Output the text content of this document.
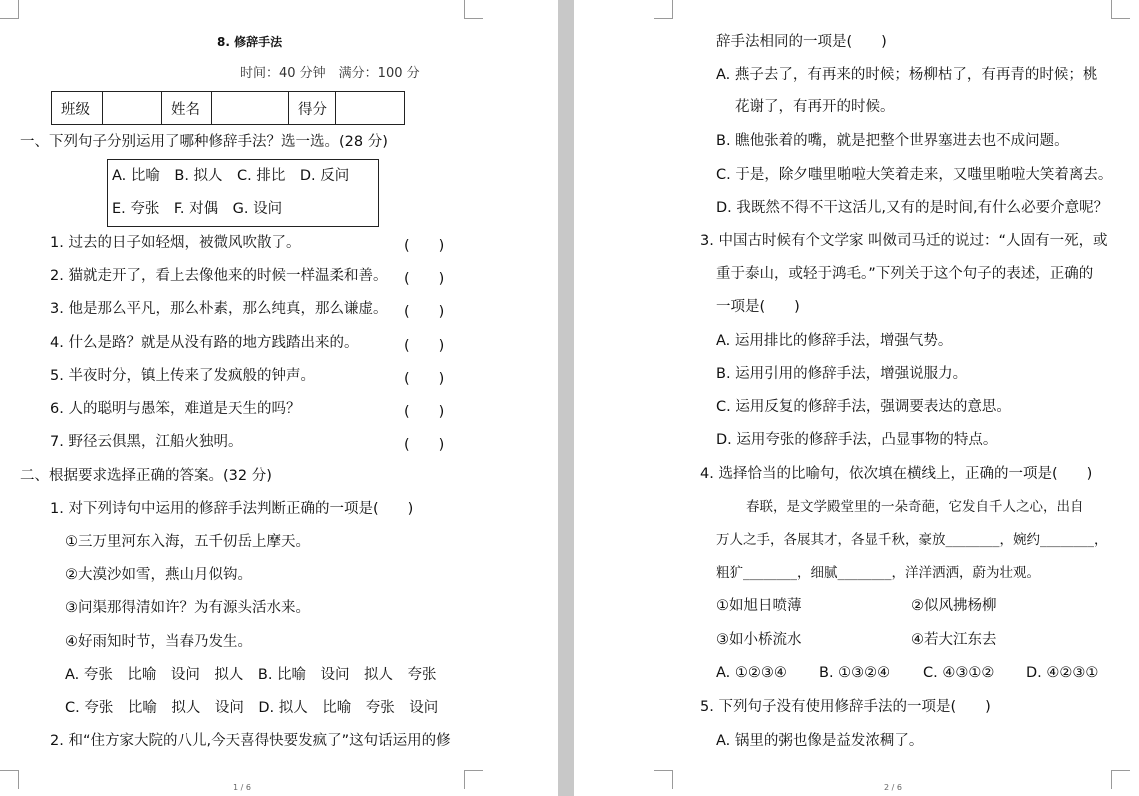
8. 修辞手法
时间：40 分钟　满分：100 分
班级		姓名		得分	
一、下列句子分别运用了哪种修辞手法？选一选。(28 分)
A. 比喻　B. 拟人　C. 排比　D. 反问
E. 夸张　F. 对偶　G. 设问
1. 过去的日子如轻烟，被微风吹散了。	(　　)
2. 猫就走开了，看上去像他来的时候一样温柔和善。 (　　)
3. 他是那么平凡，那么朴素，那么纯真，那么谦虚。 (　　)
4. 什么是路？就是从没有路的地方践踏出来的。	(　　)
5. 半夜时分，镇上传来了发疯般的钟声。	(　　)
6. 人的聪明与愚笨，难道是天生的吗？	(　　)
7. 野径云俱黑，江船火独明。	(　　)
二、根据要求选择正确的答案。(32 分)
1. 对下列诗句中运用的修辞手法判断正确的一项是(　　)
①三万里河东入海，五千仞岳上摩天。
②大漠沙如雪，燕山月似钩。
③问渠那得清如许？为有源头活水来。
④好雨知时节，当春乃发生。
A. 夸张　比喻　设问　拟人　B. 比喻　设问　拟人　夸张
C. 夸张　比喻　拟人　设问　D. 拟人　比喻　夸张　设问
2. 和“住方家大院的八儿,今天喜得快要发疯了”这句话运用的修
1 / 6
辞手法相同的一项是(　　)
A. 燕子去了，有再来的时候；杨柳枯了，有再青的时候；桃
花谢了，有再开的时候。
B. 瞧他张着的嘴，就是把整个世界塞进去也不成问题。
C. 于是，除夕嗤里啪啦大笑着走来，又嗤里啪啦大笑着离去。
D. 我既然不得不干这活儿,又有的是时间,有什么必要介意呢？
3. 中国古时候有个文学家 叫傚司马迁的说过：“人固有一死，或
重于泰山，或轻于鸿毛。”下列关于这个句子的表述，正确的
一项是(　　)
A. 运用排比的修辞手法，增强气势。
B. 运用引用的修辞手法，增强说服力。
C. 运用反复的修辞手法，强调要表达的意思。
D. 运用夸张的修辞手法，凸显事物的特点。
4. 选择恰当的比喻句，依次填在横线上，正确的一项是(　　)
春联，是文学殿堂里的一朵奇葩，它发自千人之心，出自
万人之手，各展其才，各显千秋，豪放________，婉约________，
粗犷________，细腻________，洋洋洒洒，蔚为壮观。
①如旭日喷薄	②似风拂杨柳
③如小桥流水	④若大江东去
A. ①②③④ B. ①③②④ C. ④③①② D. ④②③①
5. 下列句子没有使用修辞手法的一项是(　　)
A. 锅里的粥也像是益发浓稠了。
2 / 6
